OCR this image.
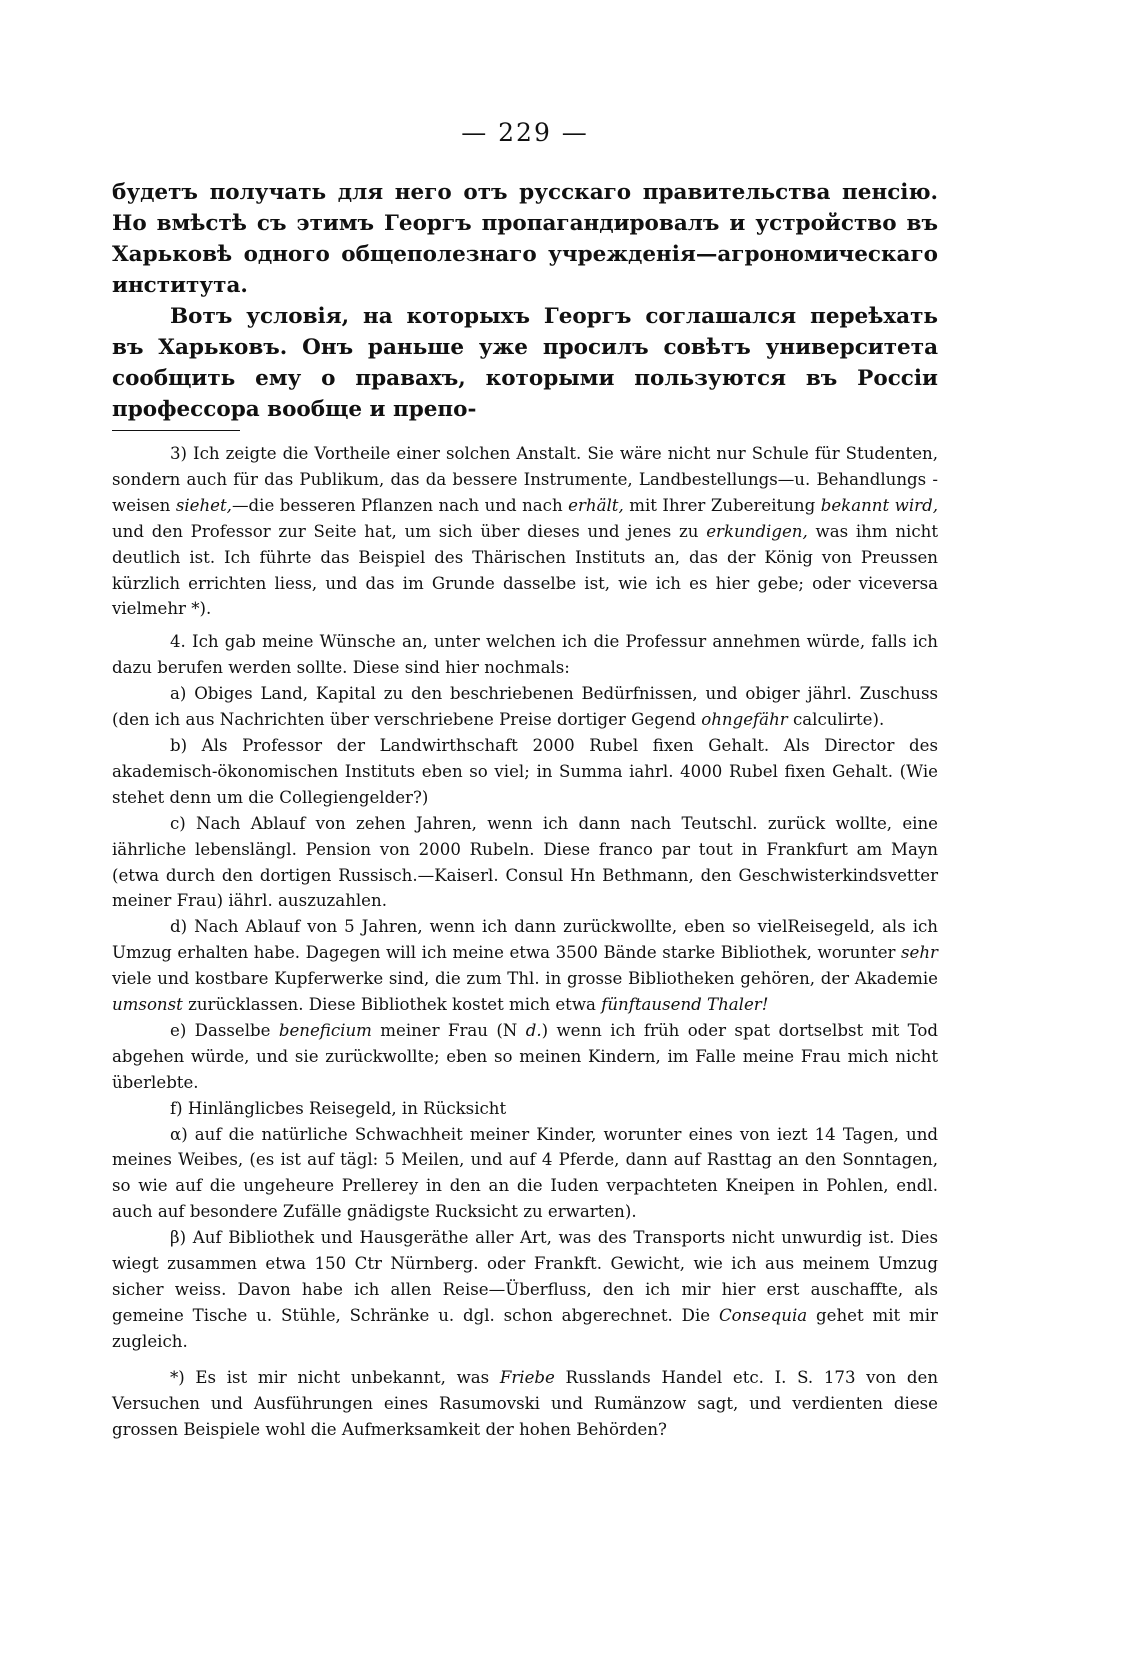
— 229 —

будетъ получать для него отъ русскаго правительства пенсію. Но вмѣстѣ съ этимъ Георгъ пропагандировалъ и устройство въ Харьковѣ одного общеполезнаго учрежденія—агрономическаго института.

Вотъ условія, на которыхъ Георгъ соглашался переѣхать въ Харьковъ. Онъ раньше уже просилъ совѣтъ университета сообщить ему о правахъ, которыми пользуются въ Россіи профессора вообще и препо-

3) Ich zeigte die Vortheile einer solchen Anstalt. Sie wäre nicht nur Schule für Studenten, sondern auch für das Publikum, das da bessere Instrumente, Landbestellungs—u. Behandlungs - weisen siehet,—die besseren Pflanzen nach und nach erhält, mit Ihrer Zubereitung bekannt wird, und den Professor zur Seite hat, um sich über dieses und jenes zu erkundigen, was ihm nicht deutlich ist. Ich führte das Beispiel des Thärischen Instituts an, das der König von Preussen kürzlich errichten liess, und das im Grunde dasselbe ist, wie ich es hier gebe; oder viceversa vielmehr *).

4. Ich gab meine Wünsche an, unter welchen ich die Professur annehmen würde, falls ich dazu berufen werden sollte. Diese sind hier nochmals:

a) Obiges Land, Kapital zu den beschriebenen Bedürfnissen, und obiger jährl. Zuschuss (den ich aus Nachrichten über verschriebene Preise dortiger Gegend ohngefähr calculirte).

b) Als Professor der Landwirthschaft 2000 Rubel fixen Gehalt. Als Director des akademisch-ökonomischen Instituts eben so viel; in Summa iahrl. 4000 Rubel fixen Gehalt. (Wie stehet denn um die Collegiengelder?)

c) Nach Ablauf von zehen Jahren, wenn ich dann nach Teutschl. zurück wollte, eine iährliche lebenslängl. Pension von 2000 Rubeln. Diese franco par tout in Frankfurt am Mayn (etwa durch den dortigen Russisch.—Kaiserl. Consul Hn Bethmann, den Geschwisterkindsvetter meiner Frau) iährl. auszuzahlen.

d) Nach Ablauf von 5 Jahren, wenn ich dann zurückwollte, eben so vielReisegeld, als ich Umzug erhalten habe. Dagegen will ich meine etwa 3500 Bände starke Bibliothek, worunter sehr viele und kostbare Kupferwerke sind, die zum Thl. in grosse Bibliotheken gehören, der Akademie umsonst zurücklassen. Diese Bibliothek kostet mich etwa fünftausend Thaler!

e) Dasselbe beneficium meiner Frau (N d.) wenn ich früh oder spat dortselbst mit Tod abgehen würde, und sie zurückwollte; eben so meinen Kindern, im Falle meine Frau mich nicht überlebte.

f) Hinlänglicbes Reisegeld, in Rücksicht

α) auf die natürliche Schwachheit meiner Kinder, worunter eines von iezt 14 Tagen, und meines Weibes, (es ist auf tägl: 5 Meilen, und auf 4 Pferde, dann auf Rasttag an den Sonntagen, so wie auf die ungeheure Prellerey in den an die Iuden verpachteten Kneipen in Pohlen, endl. auch auf besondere Zufälle gnädigste Rucksicht zu erwarten).

β) Auf Bibliothek und Hausgeräthe aller Art, was des Transports nicht unwurdig ist. Dies wiegt zusammen etwa 150 Ctr Nürnberg. oder Frankft. Gewicht, wie ich aus meinem Umzug sicher weiss. Davon habe ich allen Reise—Überfluss, den ich mir hier erst auschaffte, als gemeine Tische u. Stühle, Schränke u. dgl. schon abgerechnet. Die Consequia gehet mit mir zugleich.

*) Es ist mir nicht unbekannt, was Friebe Russlands Handel etc. I. S. 173 von den Versuchen und Ausführungen eines Rasumovski und Rumänzow sagt, und verdienten diese grossen Beispiele wohl die Aufmerksamkeit der hohen Behörden?
